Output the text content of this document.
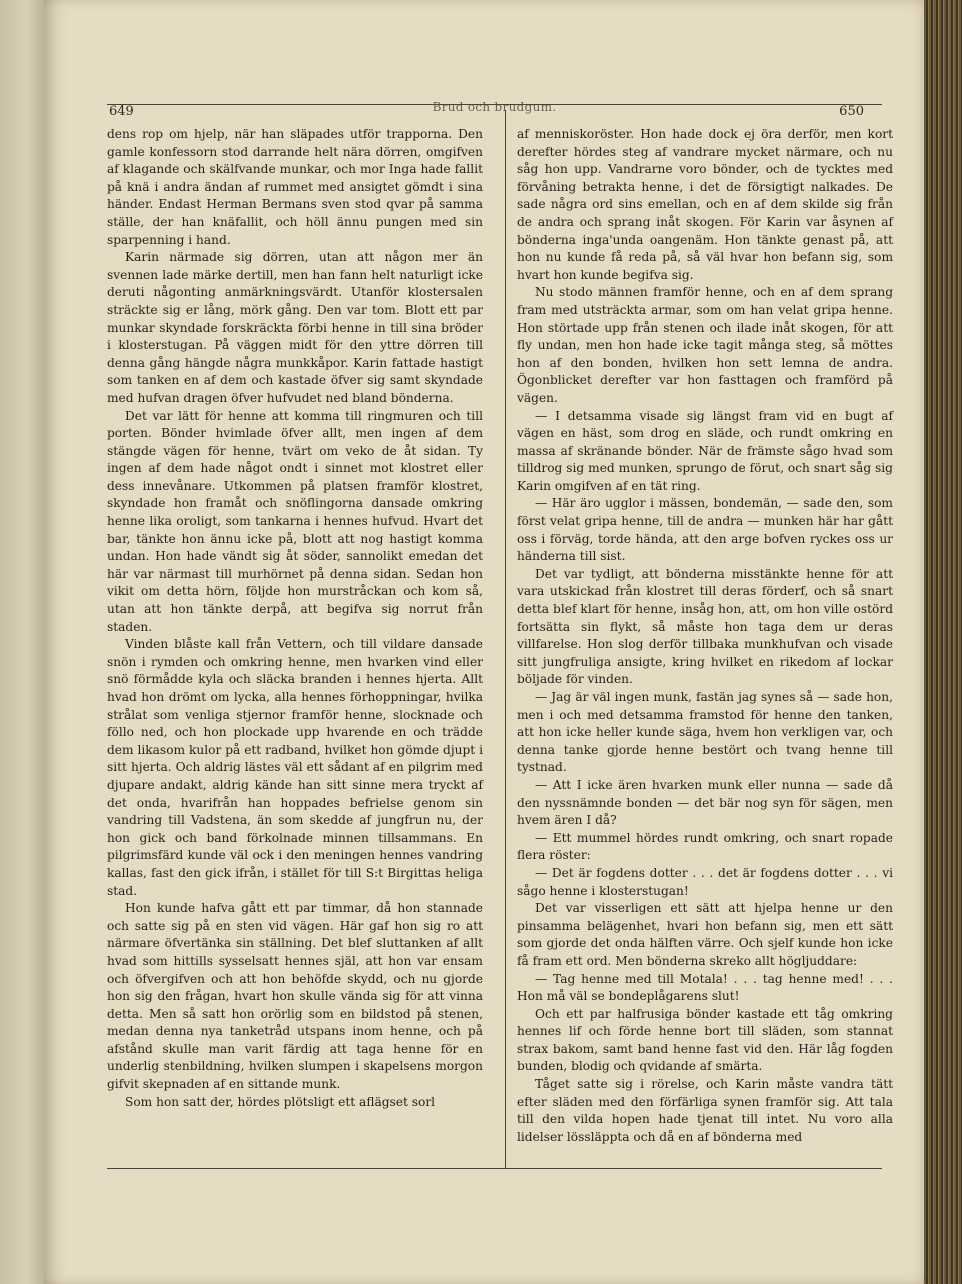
Brud och brudgum.
649	650

dens rop om hjelp, när han släpades utför trapporna. Den gamle konfessorn stod darrande helt nära dörren, omgifven af klagande och skälfvande munkar, och mor Inga hade fallit på knä i andra ändan af rummet med ansigtet gömdt i sina händer. Endast Herman Bermans sven stod qvar på samma ställe, der han knäfallit, och höll ännu pungen med sin sparpenning i hand.

Karin närmade sig dörren, utan att någon mer än svennen lade märke dertill, men han fann helt naturligt icke deruti någonting anmärkningsvärdt. Utanför klostersalen sträckte sig er lång, mörk gång. Den var tom. Blott ett par munkar skyndade forskräckta förbi henne in till sina bröder i klosterstugan. På väggen midt för den yttre dörren till denna gång hängde några munkkåpor. Karin fattade hastigt som tanken en af dem och kastade öfver sig samt skyndade med hufvan dragen öfver hufvudet ned bland bönderna.

Det var lätt för henne att komma till ringmuren och till porten. Bönder hvimlade öfver allt, men ingen af dem stängde vägen för henne, tvärt om veko de åt sidan. Ty ingen af dem hade något ondt i sinnet mot klostret eller dess innevånare. Utkommen på platsen framför klostret, skyndade hon framåt och snöflingorna dansade omkring henne lika oroligt, som tankarna i hennes hufvud. Hvart det bar, tänkte hon ännu icke på, blott att nog hastigt komma undan. Hon hade vändt sig åt söder, sannolikt emedan det här var närmast till murhörnet på denna sidan. Sedan hon vikit om detta hörn, följde hon murstråckan och kom så, utan att hon tänkte derpå, att begifva sig norrut från staden.

Vinden blåste kall från Vettern, och till vildare dansade snön i rymden och omkring henne, men hvarken vind eller snö förmådde kyla och släcka branden i hennes hjerta. Allt hvad hon drömt om lycka, alla hennes förhoppningar, hvilka strålat som venliga stjernor framför henne, slocknade och föllo ned, och hon plockade upp hvarende en och trädde dem likasom kulor på ett radband, hvilket hon gömde djupt i sitt hjerta. Och aldrig lästes väl ett sådant af en pilgrim med djupare andakt, aldrig kände han sitt sinne mera tryckt af det onda, hvarifrån han hoppades befrielse genom sin vandring till Vadstena, än som skedde af jungfrun nu, der hon gick och band förkolnade minnen tillsammans. En pilgrimsfärd kunde väl ock i den meningen hennes vandring kallas, fast den gick ifrån, i stället för till S:t Birgittas heliga stad.

Hon kunde hafva gått ett par timmar, då hon stannade och satte sig på en sten vid vägen. Här gaf hon sig ro att närmare öfvertänka sin ställning. Det blef sluttanken af allt hvad som hittills sysselsatt hennes själ, att hon var ensam och öfvergifven och att hon behöfde skydd, och nu gjorde hon sig den frågan, hvart hon skulle vända sig för att vinna detta. Men så satt hon orörlig som en bildstod på stenen, medan denna nya tanketråd utspans inom henne, och på afstånd skulle man varit färdig att taga henne för en underlig stenbildning, hvilken slumpen i skapelsens morgon gifvit skepnaden af en sittande munk.

Som hon satt der, hördes plötsligt ett aflägset sorl

af menniskoröster. Hon hade dock ej öra derför, men kort derefter hördes steg af vandrare mycket närmare, och nu såg hon upp. Vandrarne voro bönder, och de tycktes med förvåning betrakta henne, i det de försigtigt nalkades. De sade några ord sins emellan, och en af dem skilde sig från de andra och sprang inåt skogen. För Karin var åsynen af bönderna inga'unda oangenäm. Hon tänkte genast på, att hon nu kunde få reda på, så väl hvar hon befann sig, som hvart hon kunde begifva sig.

Nu stodo männen framför henne, och en af dem sprang fram med utsträckta armar, som om han velat gripa henne. Hon störtade upp från stenen och ilade inåt skogen, för att fly undan, men hon hade icke tagit många steg, så möttes hon af den bonden, hvilken hon sett lemna de andra. Ögonblicket derefter var hon fasttagen och framförd på vägen.

— I detsamma visade sig längst fram vid en bugt af vägen en häst, som drog en släde, och rundt omkring en massa af skränande bönder. När de främste sågo hvad som tilldrog sig med munken, sprungo de förut, och snart såg sig Karin omgifven af en tät ring.

— Här äro ugglor i mässen, bondemän, — sade den, som först velat gripa henne, till de andra — munken här har gått oss i förväg, torde hända, att den arge bofven ryckes oss ur händerna till sist.

Det var tydligt, att bönderna misstänkte henne för att vara utskickad från klostret till deras förderf, och så snart detta blef klart för henne, insåg hon, att, om hon ville ostörd fortsätta sin flykt, så måste hon taga dem ur deras villfarelse. Hon slog derför tillbaka munkhufvan och visade sitt jungfruliga ansigte, kring hvilket en rikedom af lockar böljade för vinden.

— Jag är väl ingen munk, fastän jag synes så — sade hon, men i och med detsamma framstod för henne den tanken, att hon icke heller kunde säga, hvem hon verkligen var, och denna tanke gjorde henne bestört och tvang henne till tystnad.

— Att I icke ären hvarken munk eller nunna — sade då den nyssnämnde bonden — det bär nog syn för sägen, men hvem ären I då?

— Ett mummel hördes rundt omkring, och snart ropade flera röster:

— Det är fogdens dotter . . . det är fogdens dotter . . . vi sågo henne i klosterstugan!

Det var visserligen ett sätt att hjelpa henne ur den pinsamma belägenhet, hvari hon befann sig, men ett sätt som gjorde det onda hälften värre. Och sjelf kunde hon icke få fram ett ord. Men bönderna skreko allt högljuddare:

— Tag henne med till Motala! . . . tag henne med! . . . Hon må väl se bondeplågarens slut!

Och ett par halfrusiga bönder kastade ett tåg omkring hennes lif och förde henne bort till släden, som stannat strax bakom, samt band henne fast vid den. Här låg fogden bunden, blodig och qvidande af smärta.

Tåget satte sig i rörelse, och Karin måste vandra tätt efter släden med den förfärliga synen framför sig. Att tala till den vilda hopen hade tjenat till intet. Nu voro alla lidelser lössläppta och då en af bönderna med
